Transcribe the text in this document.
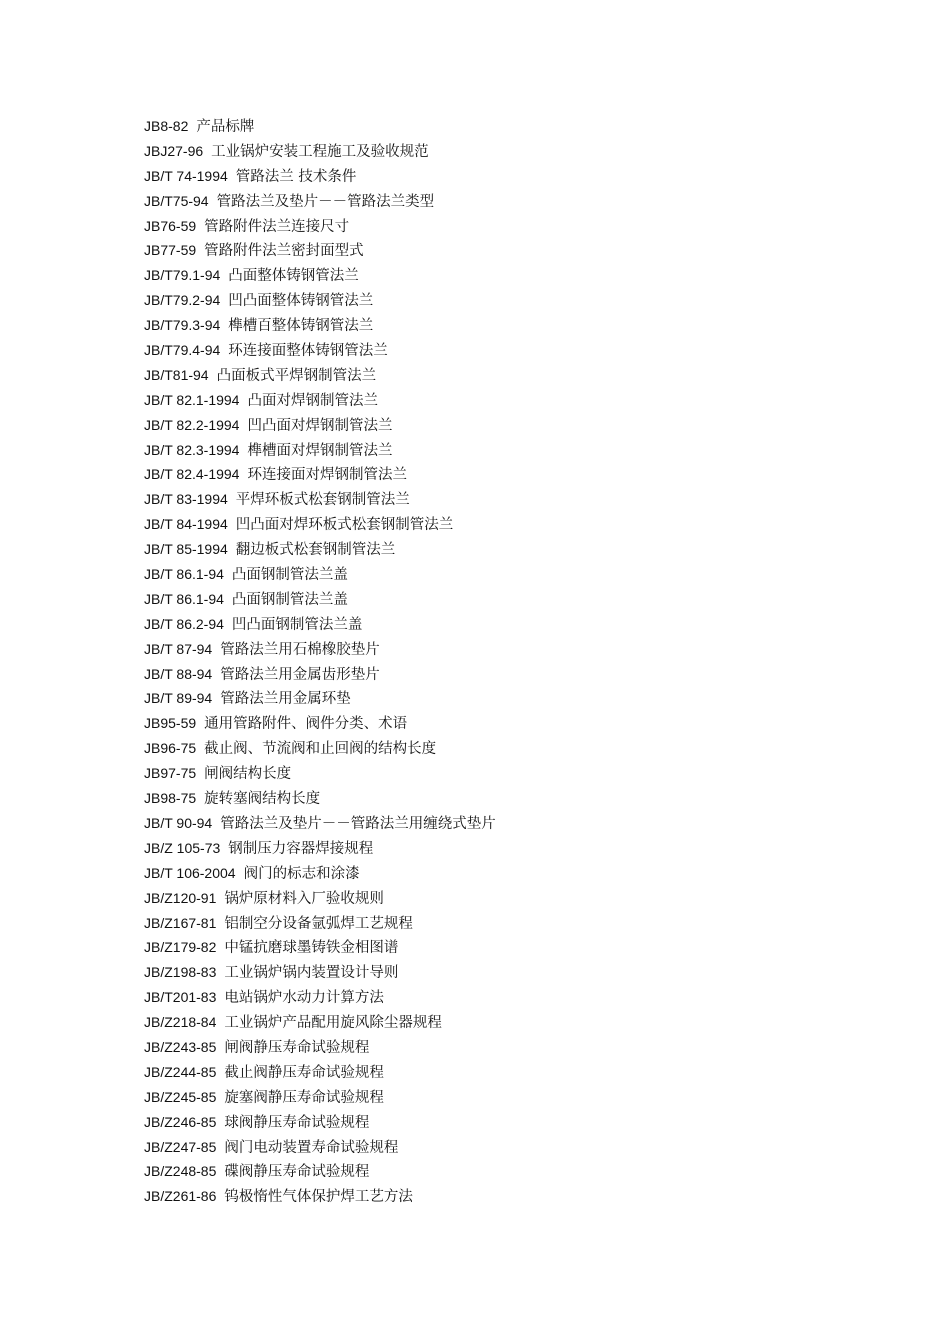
JB8-82 产品标牌
JBJ27-96 工业锅炉安装工程施工及验收规范
JB/T 74-1994 管路法兰 技术条件
JB/T75-94 管路法兰及垫片－－管路法兰类型
JB76-59 管路附件法兰连接尺寸
JB77-59 管路附件法兰密封面型式
JB/T79.1-94 凸面整体铸钢管法兰
JB/T79.2-94 凹凸面整体铸钢管法兰
JB/T79.3-94 榫槽百整体铸钢管法兰
JB/T79.4-94 环连接面整体铸钢管法兰
JB/T81-94 凸面板式平焊钢制管法兰
JB/T 82.1-1994 凸面对焊钢制管法兰
JB/T 82.2-1994 凹凸面对焊钢制管法兰
JB/T 82.3-1994 榫槽面对焊钢制管法兰
JB/T 82.4-1994 环连接面对焊钢制管法兰
JB/T 83-1994 平焊环板式松套钢制管法兰
JB/T 84-1994 凹凸面对焊环板式松套钢制管法兰
JB/T 85-1994 翻边板式松套钢制管法兰
JB/T 86.1-94 凸面钢制管法兰盖
JB/T 86.1-94 凸面钢制管法兰盖
JB/T 86.2-94 凹凸面钢制管法兰盖
JB/T 87-94 管路法兰用石棉橡胶垫片
JB/T 88-94 管路法兰用金属齿形垫片
JB/T 89-94 管路法兰用金属环垫
JB95-59 通用管路附件、阀件分类、术语
JB96-75 截止阀、节流阀和止回阀的结构长度
JB97-75 闸阀结构长度
JB98-75 旋转塞阀结构长度
JB/T 90-94 管路法兰及垫片－－管路法兰用缠绕式垫片
JB/Z 105-73 钢制压力容器焊接规程
JB/T 106-2004 阀门的标志和涂漆
JB/Z120-91 锅炉原材料入厂验收规则
JB/Z167-81 铝制空分设备氩弧焊工艺规程
JB/Z179-82 中锰抗磨球墨铸铁金相图谱
JB/Z198-83 工业锅炉锅内装置设计导则
JB/T201-83 电站锅炉水动力计算方法
JB/Z218-84 工业锅炉产品配用旋风除尘器规程
JB/Z243-85 闸阀静压寿命试验规程
JB/Z244-85 截止阀静压寿命试验规程
JB/Z245-85 旋塞阀静压寿命试验规程
JB/Z246-85 球阀静压寿命试验规程
JB/Z247-85 阀门电动装置寿命试验规程
JB/Z248-85 碟阀静压寿命试验规程
JB/Z261-86 钨极惰性气体保护焊工艺方法
